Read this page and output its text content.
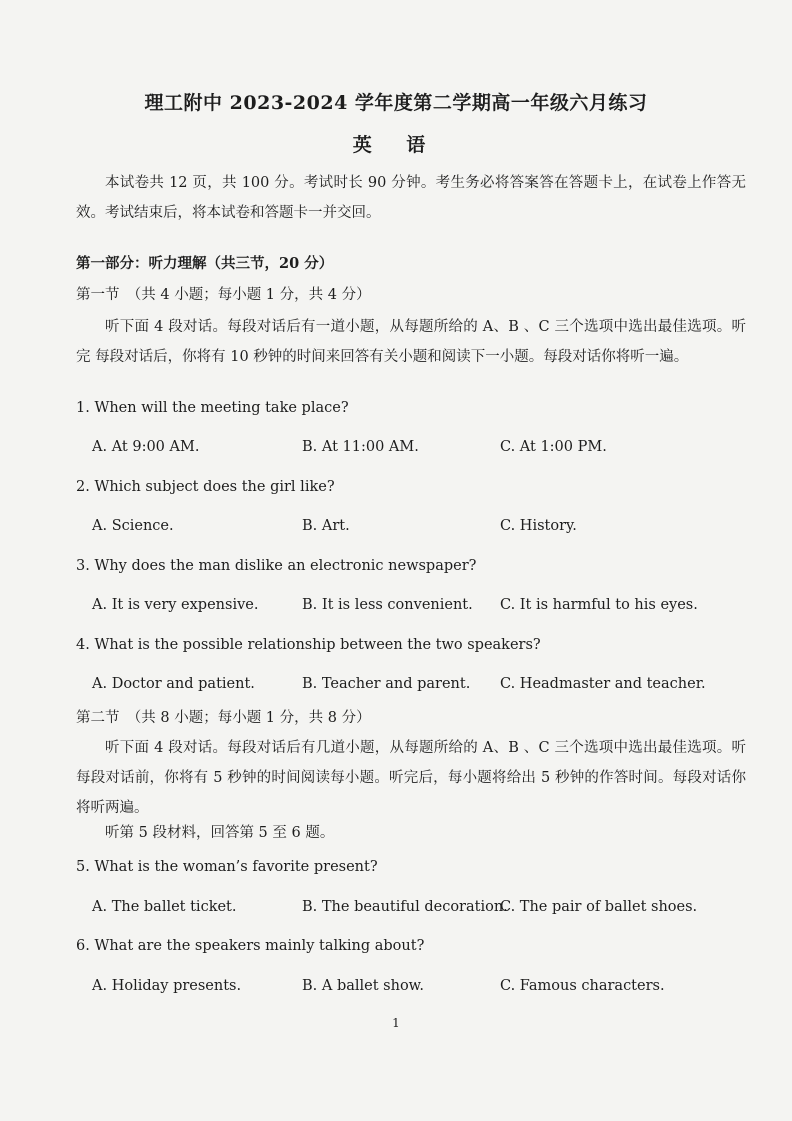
理工附中 2023-2024 学年度第二学期高一年级六月练习
英 语
本试卷共 12 页，共 100 分。考试时长 90 分钟。考生务必将答案答在答题卡上，在试卷上作答无效。考试结束后，将本试卷和答题卡一并交回。
第一部分：听力理解（共三节，20 分）
第一节　（共 4 小题；每小题 1 分，共 4 分）
听下面 4 段对话。每段对话后有一道小题，从每题所给的 A、B 、C 三个选项中选出最佳选项。听完 每段对话后，你将有 10 秒钟的时间来回答有关小题和阅读下一小题。每段对话你将听一遍。
1. When will the meeting take place?
A. At 9:00 AM.	B. At 11:00 AM.	C. At 1:00 PM.
2. Which subject does the girl like?
A. Science.	B. Art.	C. History.
3. Why does the man dislike an electronic newspaper?
A. It is very expensive.	B. It is less convenient. C. It is harmful to his eyes.
4. What is the possible relationship between the two speakers?
A. Doctor and patient.	B. Teacher and parent. C. Headmaster and teacher.
第二节　（共 8 小题；每小题 1 分，共 8 分）
听下面 4 段对话。每段对话后有几道小题，从每题所给的 A、B 、C 三个选项中选出最佳选项。听每段对话前，你将有 5 秒钟的时间阅读每小题。听完后，每小题将给出 5 秒钟的作答时间。每段对话你将听两遍。
听第 5 段材料，回答第 5 至 6 题。
5. What is the woman’s favorite present?
A. The ballet ticket.	B. The beautiful decoration.
C. The pair of ballet shoes.
6. What are the speakers mainly talking about?
A. Holiday presents.	B. A ballet show.	C. Famous characters.
1
